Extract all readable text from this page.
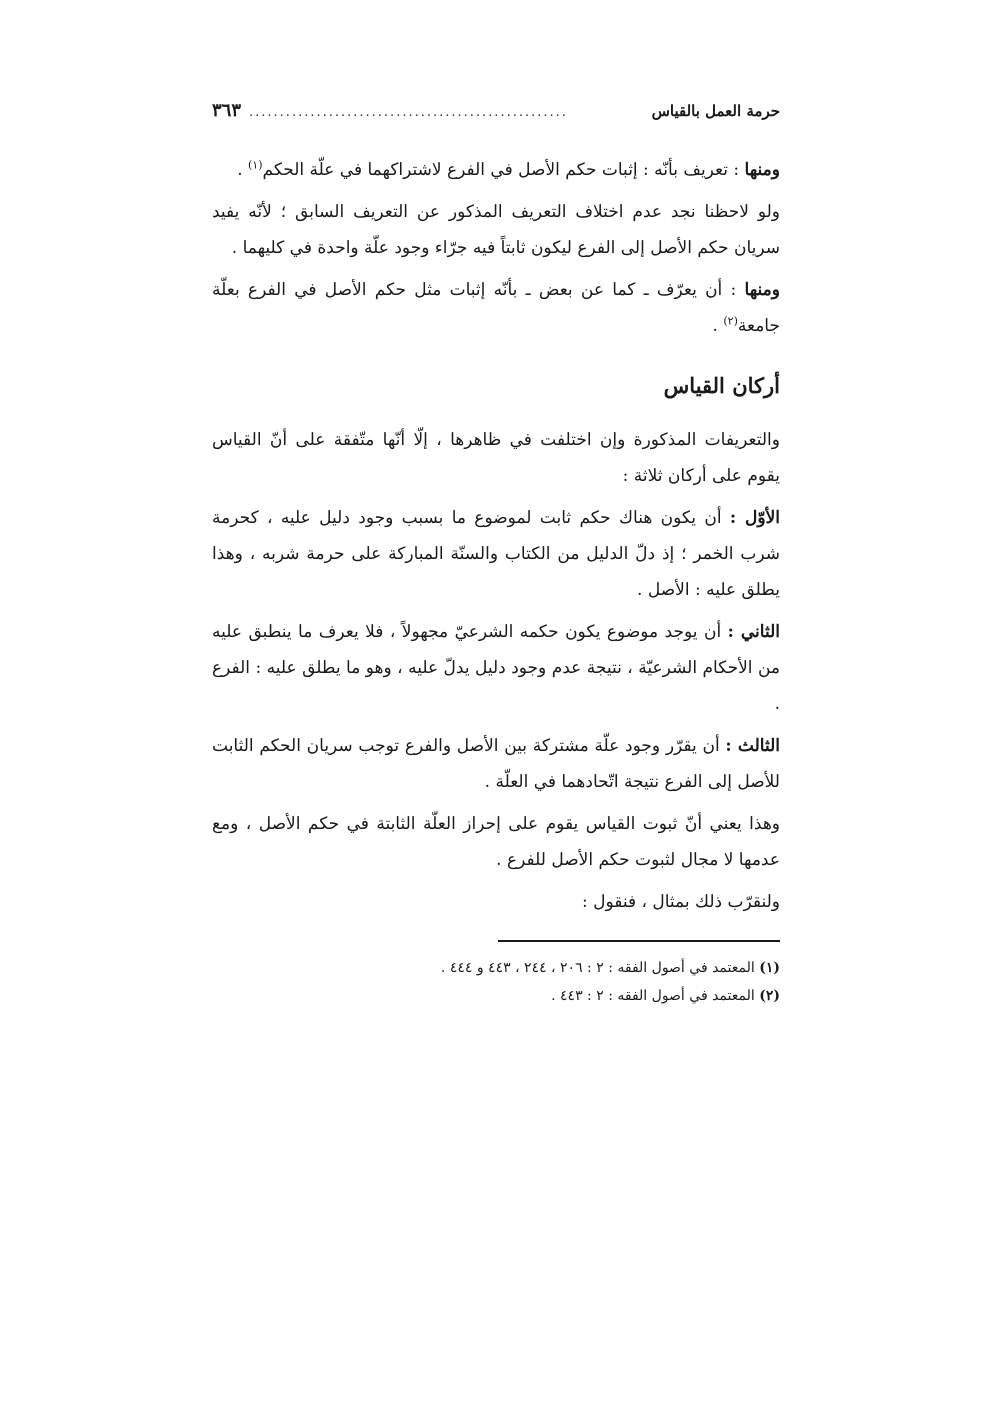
حرمة العمل بالقياس
....................................................
٣٦٣

ومنها : تعريف بأنّه : إثبات حكم الأصل في الفرع لاشتراكهما في علّة الحكم$^{(١)}$ .

ولو لاحظنا نجد عدم اختلاف التعريف المذكور عن التعريف السابق ؛ لأنّه يفيد سريان حكم الأصل إلى الفرع ليكون ثابتاً فيه جرّاء وجود علّة واحدة في كليهما .

ومنها : أن يعرّف ـ كما عن بعض ـ بأنّه إثبات مثل حكم الأصل في الفرع بعلّة جامعة$^{(٢)}$ .

أركان القياس

والتعريفات المذكورة وإن اختلفت في ظاهرها ، إلّا أنّها متّفقة على أنّ القياس يقوم على أركان ثلاثة :

الأوّل : أن يكون هناك حكم ثابت لموضوع ما بسبب وجود دليل عليه ، كحرمة شرب الخمر ؛ إذ دلّ الدليل من الكتاب والسنّة المباركة على حرمة شربه ، وهذا يطلق عليه : الأصل .

الثاني : أن يوجد موضوع يكون حكمه الشرعيّ مجهولاً ، فلا يعرف ما ينطبق عليه من الأحكام الشرعيّة ، نتيجة عدم وجود دليل يدلّ عليه ، وهو ما يطلق عليه : الفرع .

الثالث : أن يقرّر وجود علّة مشتركة بين الأصل والفرع توجب سريان الحكم الثابت للأصل إلى الفرع نتيجة اتّحادهما في العلّة .

وهذا يعني أنّ ثبوت القياس يقوم على إحراز العلّة الثابتة في حكم الأصل ، ومع عدمها لا مجال لثبوت حكم الأصل للفرع .

ولنقرّب ذلك بمثال ، فنقول :

(١) المعتمد في أصول الفقه : ٢ : ٢٠٦ ، ٢٤٤ ، ٤٤٣ و ٤٤٤ .

(٢) المعتمد في أصول الفقه : ٢ : ٤٤٣ .
